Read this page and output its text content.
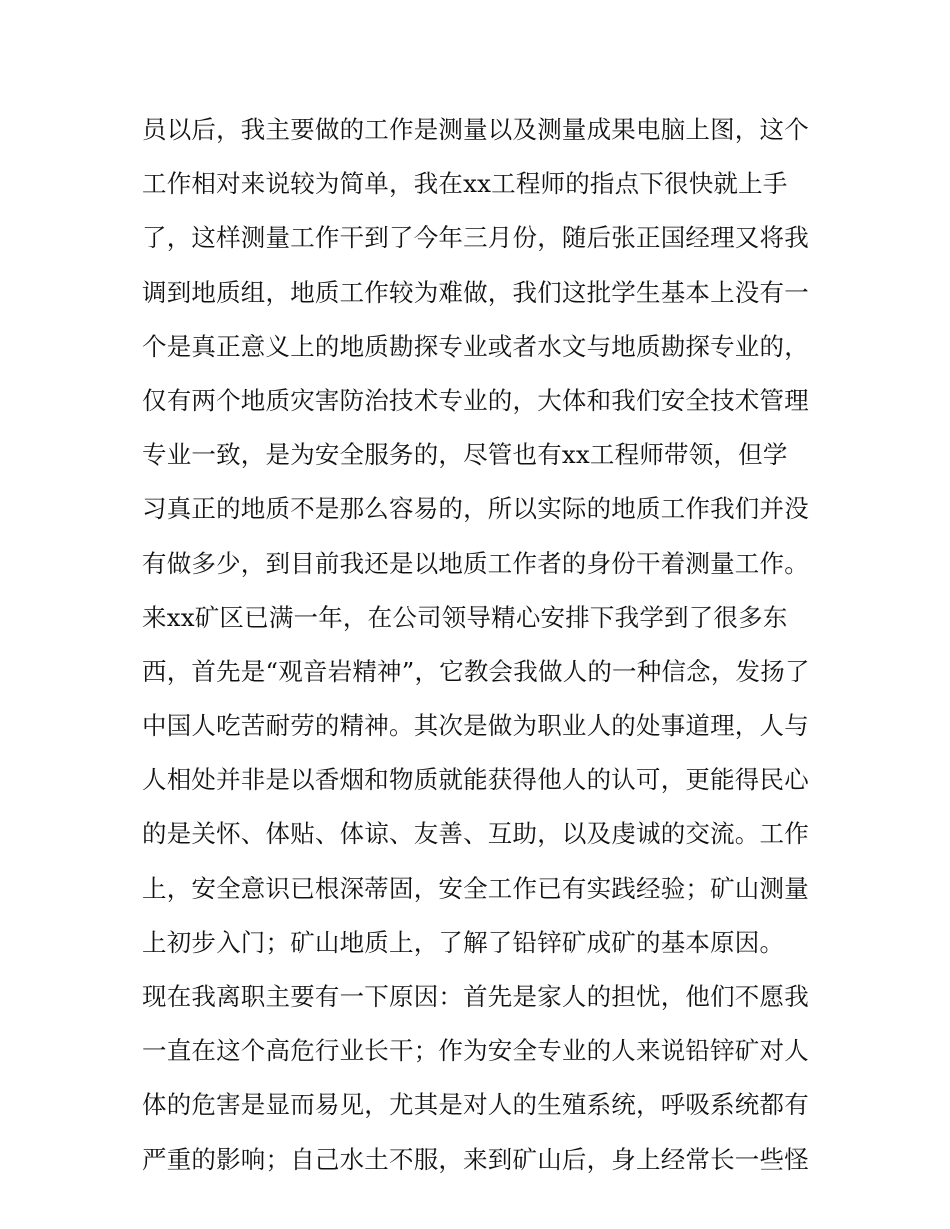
员以后，我主要做的工作是测量以及测量成果电脑上图，这个
工作相对来说较为简单，我在xx工程师的指点下很快就上手
了，这样测量工作干到了今年三月份，随后张正国经理又将我
调到地质组，地质工作较为难做，我们这批学生基本上没有一
个是真正意义上的地质勘探专业或者水文与地质勘探专业的，
仅有两个地质灾害防治技术专业的，大体和我们安全技术管理
专业一致，是为安全服务的，尽管也有xx工程师带领，但学
习真正的地质不是那么容易的，所以实际的地质工作我们并没
有做多少，到目前我还是以地质工作者的身份干着测量工作。
来xx矿区已满一年，在公司领导精心安排下我学到了很多东
西，首先是“观音岩精神”，它教会我做人的一种信念，发扬了
中国人吃苦耐劳的精神。其次是做为职业人的处事道理，人与
人相处并非是以香烟和物质就能获得他人的认可，更能得民心
的是关怀、体贴、体谅、友善、互助，以及虔诚的交流。工作
上，安全意识已根深蒂固，安全工作已有实践经验；矿山测量
上初步入门；矿山地质上，了解了铅锌矿成矿的基本原因。
现在我离职主要有一下原因：首先是家人的担忧，他们不愿我
一直在这个高危行业长干；作为安全专业的人来说铅锌矿对人
体的危害是显而易见，尤其是对人的生殖系统，呼吸系统都有
严重的影响；自己水土不服，来到矿山后，身上经常长一些怪
